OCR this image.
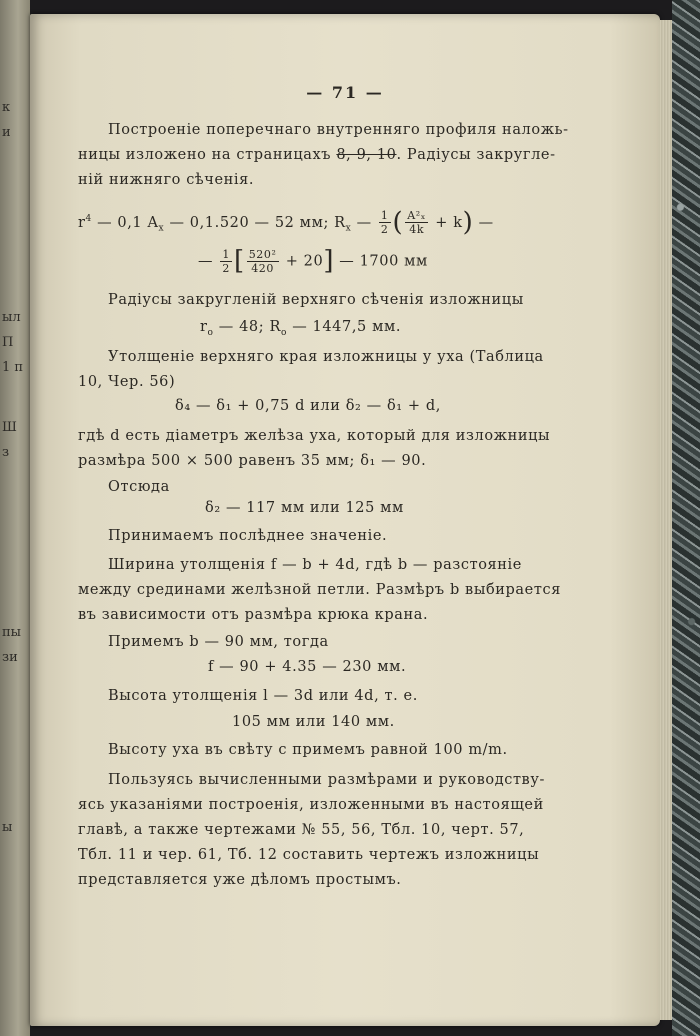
к
и
ыл
П
1 п
Ш
з
пы
зи
ы
— 71 —
Построеніе поперечнаго внутренняго профиля наложь-
ницы изложено на страницахъ 8, 9, 10. Радіусы закругле-
ній нижняго сѣченія.
$r^4$ — 0,1 $A_x$ — 0,1.520 — 52 мм; $R_x$ — $\frac{1}{2}$ ( $\frac{\text{A²ₓ}}{4k} + k$) —
— $\frac{1}{2}$ [ $\frac{\text{520²}}{420} + 20$] — 1700 мм
Радіусы закругленій верхняго сѣченія изложницы
$r_o$ — 48; $R_o$ — 1447,5 мм.
Утолщеніе верхняго края изложницы у уха (Таблица
10, Чер. 56)
δ₄ — δ₁ + 0,75 d или δ₂ — δ₁ + d,
гдѣ d есть діаметръ желѣза уха, который для изложницы
размѣра 500 × 500 равенъ 35 мм; δ₁ — 90.
Отсюда
δ₂ — 117 мм или 125 мм
Принимаемъ послѣднее значеніе.
Ширина утолщенія f — b + 4d, гдѣ b — разстояніе
между срединами желѣзной петли. Размѣръ b выбирается
въ зависимости отъ размѣра крюка крана.
Примемъ b — 90 мм, тогда
f — 90 + 4.35 — 230 мм.
Высота утолщенія l — 3d или 4d, т. е.
105 мм или 140 мм.
Высоту уха въ свѣту с примемъ равной 100 m/m.
Пользуясь вычисленными размѣрами и руководству-
ясь указаніями построенія, изложенными въ настоящей
главѣ, а также чертежами № 55, 56, Тбл. 10, черт. 57,
Тбл. 11 и чер. 61, Тб. 12 составить чертежъ изложницы
представляется уже дѣломъ простымъ.
